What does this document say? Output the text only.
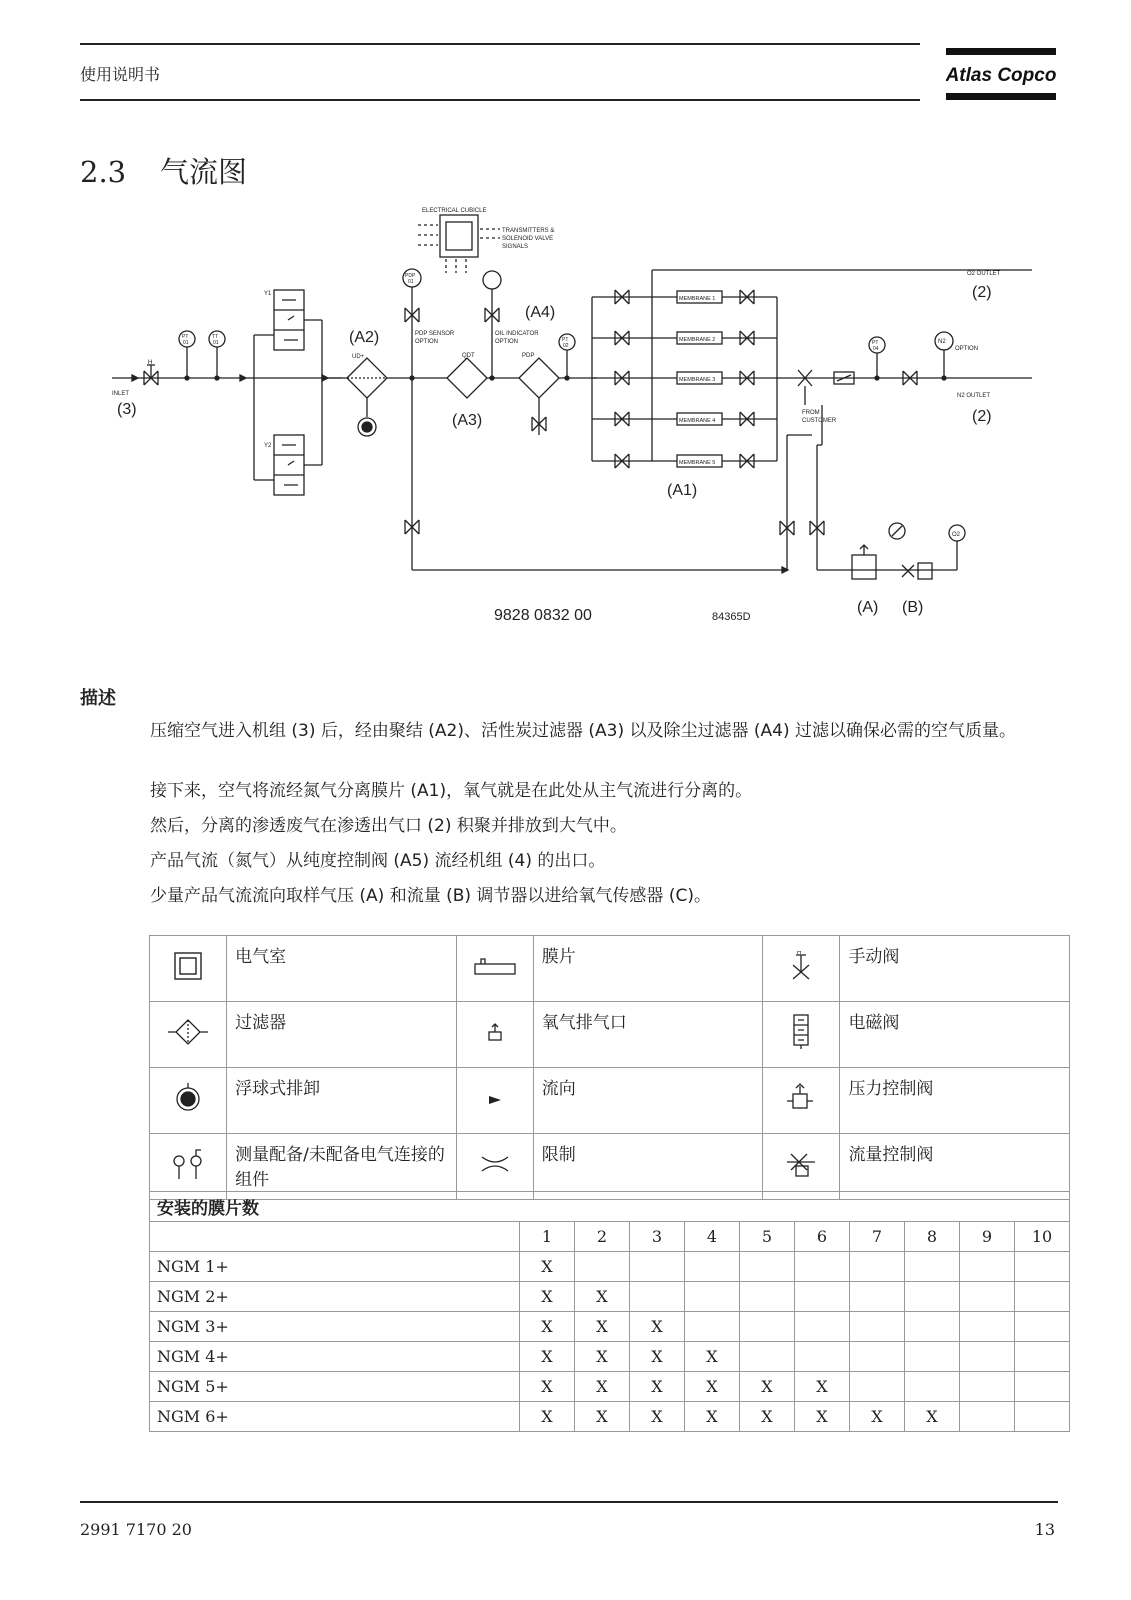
使用说明书	Atlas Copco
2.3 气流图
ELECTRICAL CUBICLE
TRANSMITTERS &
SOLENOID VALVE
SIGNALS
INLET
(3)
H
PT
01
TT
01
Y1
Y2
(A2)
UD+
PDP
01
PDP SENSOR
OPTION
QDT
(A3)
(A4)
OIL INDICATOR
OPTION
PDP
PT
02
O2 OUTLET
(2)
MEMBRANE 1
MEMBRANE 2
MEMBRANE 3
MEMBRANE 4
MEMBRANE 5
(A1)
FROM
CUSTOMER
PT
04
N2
OPTION
N2 OUTLET
(2)
O2
(A) (B)
9828 0832 00	84365D
描述
压缩空气进入机组 (3) 后，经由聚结 (A2)、活性炭过滤器 (A3) 以及除尘过滤器 (A4) 过滤以确保必需的空气质量。
接下来，空气将流经氮气分离膜片 (A1)，氧气就是在此处从主气流进行分离的。
然后，分离的渗透废气在渗透出气口 (2) 积聚并排放到大气中。
产品气流（氮气）从纯度控制阀 (A5) 流经机组 (4) 的出口。
少量产品气流流向取样气压 (A) 和流量 (B) 调节器以进给氧气传感器 (C)。
	电气室		膜片	H	手动阀
	过滤器		氧气排气口		电磁阀
	浮球式排卸		流向		压力控制阀
	测量配备/未配备电气连接的组件		限制		流量控制阀
安装的膜片数										
	1	2	3	4	5	6	7	8	9	10
NGM 1+	X									
NGM 2+	X	X								
NGM 3+	X	X	X							
NGM 4+	X	X	X	X						
NGM 5+	X	X	X	X	X	X				
NGM 6+	X	X	X	X	X	X	X	X		
2991 7170 20	13
